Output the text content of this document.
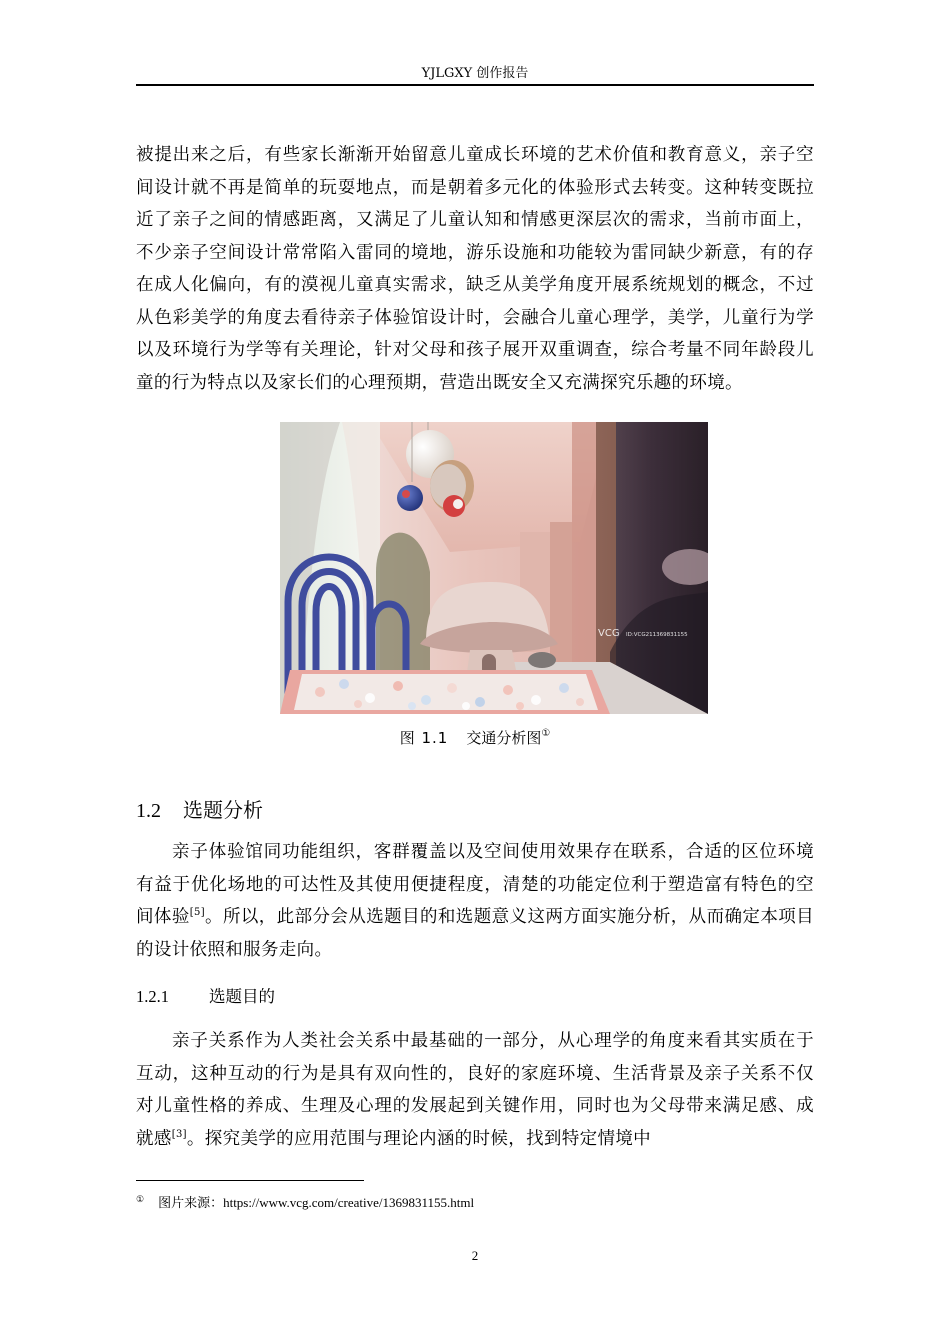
YJLGXY 创作报告

被提出来之后，有些家长渐渐开始留意儿童成长环境的艺术价值和教育意义，亲子空间设计就不再是简单的玩耍地点，而是朝着多元化的体验形式去转变。这种转变既拉近了亲子之间的情感距离，又满足了儿童认知和情感更深层次的需求，当前市面上，不少亲子空间设计常常陷入雷同的境地，游乐设施和功能较为雷同缺少新意，有的存在成人化偏向，有的漠视儿童真实需求，缺乏从美学角度开展系统规划的概念，不过从色彩美学的角度去看待亲子体验馆设计时，会融合儿童心理学，美学，儿童行为学以及环境行为学等有关理论，针对父母和孩子展开双重调查，综合考量不同年龄段儿童的行为特点以及家长们的心理预期，营造出既安全又充满探究乐趣的环境。

VCG ID:VCG211369831155
图 1.1 交通分析图①
1.2 选题分析

亲子体验馆同功能组织，客群覆盖以及空间使用效果存在联系，合适的区位环境有益于优化场地的可达性及其使用便捷程度，清楚的功能定位利于塑造富有特色的空间体验[5]。所以，此部分会从选题目的和选题意义这两方面实施分析，从而确定本项目的设计依照和服务走向。

1.2.1 选题目的

亲子关系作为人类社会关系中最基础的一部分，从心理学的角度来看其实质在于互动，这种互动的行为是具有双向性的，良好的家庭环境、生活背景及亲子关系不仅对儿童性格的养成、生理及心理的发展起到关键作用，同时也为父母带来满足感、成就感[3]。探究美学的应用范围与理论内涵的时候，找到特定情境中

① 图片来源：https://www.vcg.com/creative/1369831155.html
2
